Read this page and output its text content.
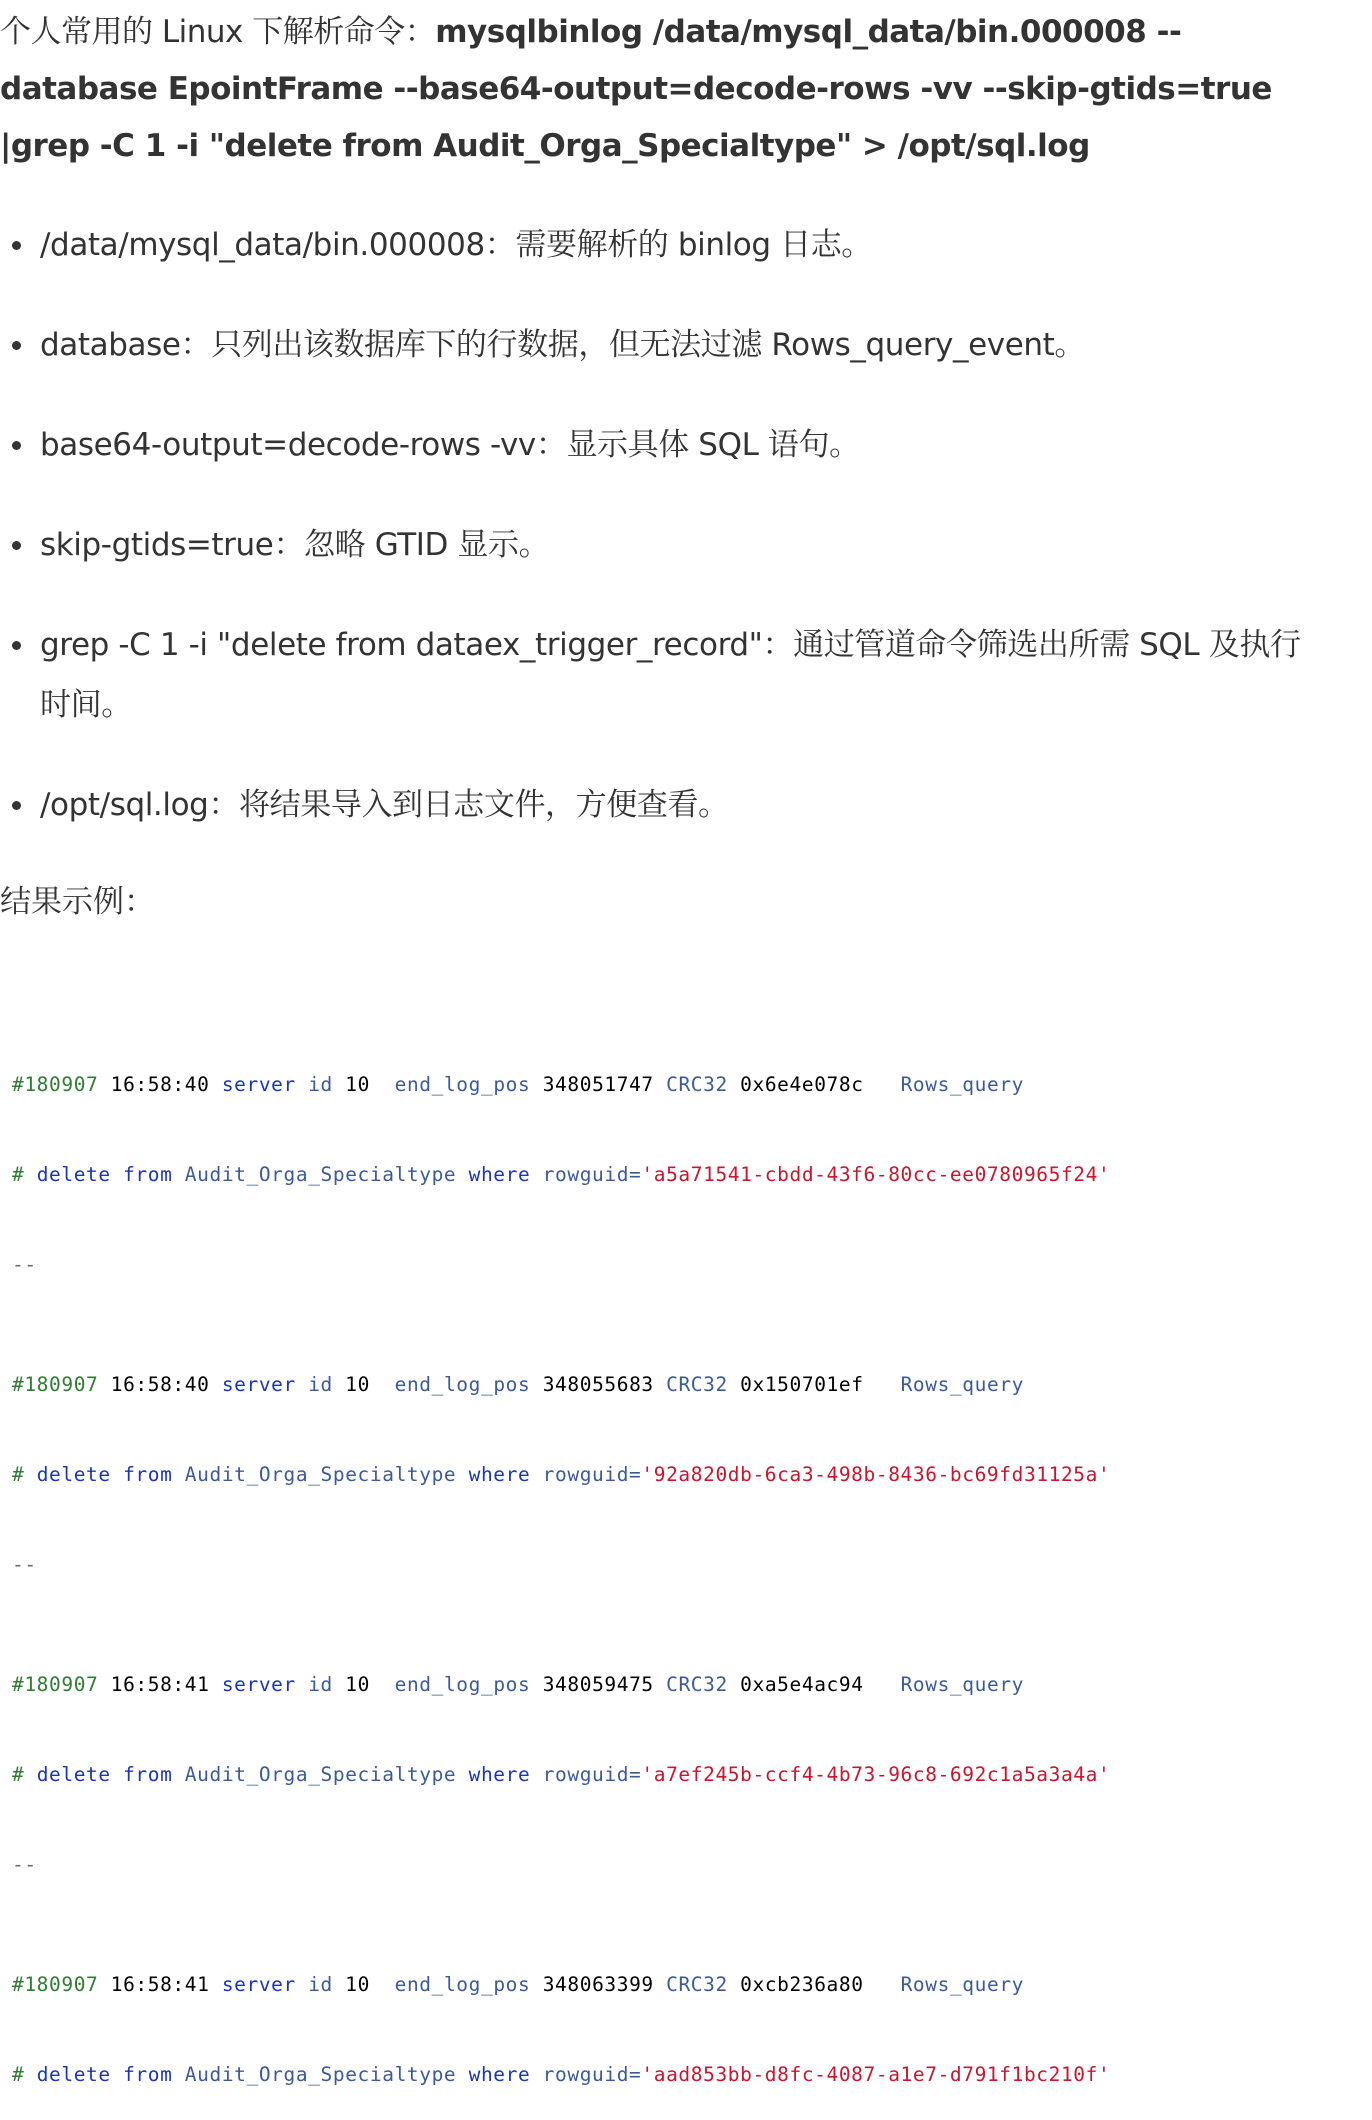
个人常用的 Linux 下解析命令：mysqlbinlog /data/mysql_data/bin.000008 --database EpointFrame --base64-output=decode-rows -vv --skip-gtids=true |grep -C 1 -i "delete from Audit_Orga_Specialtype" > /opt/sql.log
/data/mysql_data/bin.000008：需要解析的 binlog 日志。
database：只列出该数据库下的行数据，但无法过滤 Rows_query_event。
base64-output=decode-rows -vv：显示具体 SQL 语句。
skip-gtids=true：忽略 GTID 显示。
grep -C 1 -i "delete from dataex_trigger_record"：通过管道命令筛选出所需 SQL 及执行时间。
/opt/sql.log：将结果导入到日志文件，方便查看。
结果示例：

#180907 16:58:40 server id 10 end_log_pos 348051747 CRC32 0x6e4e078c Rows_query

# delete from Audit_Orga_Specialtype where rowguid='a5a71541-cbdd-43f6-80cc-ee0780965f24'

--

#180907 16:58:40 server id 10 end_log_pos 348055683 CRC32 0x150701ef Rows_query

# delete from Audit_Orga_Specialtype where rowguid='92a820db-6ca3-498b-8436-bc69fd31125a'

--

#180907 16:58:41 server id 10 end_log_pos 348059475 CRC32 0xa5e4ac94 Rows_query

# delete from Audit_Orga_Specialtype where rowguid='a7ef245b-ccf4-4b73-96c8-692c1a5a3a4a'

--

#180907 16:58:41 server id 10 end_log_pos 348063399 CRC32 0xcb236a80 Rows_query

# delete from Audit_Orga_Specialtype where rowguid='aad853bb-d8fc-4087-a1e7-d791f1bc210f'
